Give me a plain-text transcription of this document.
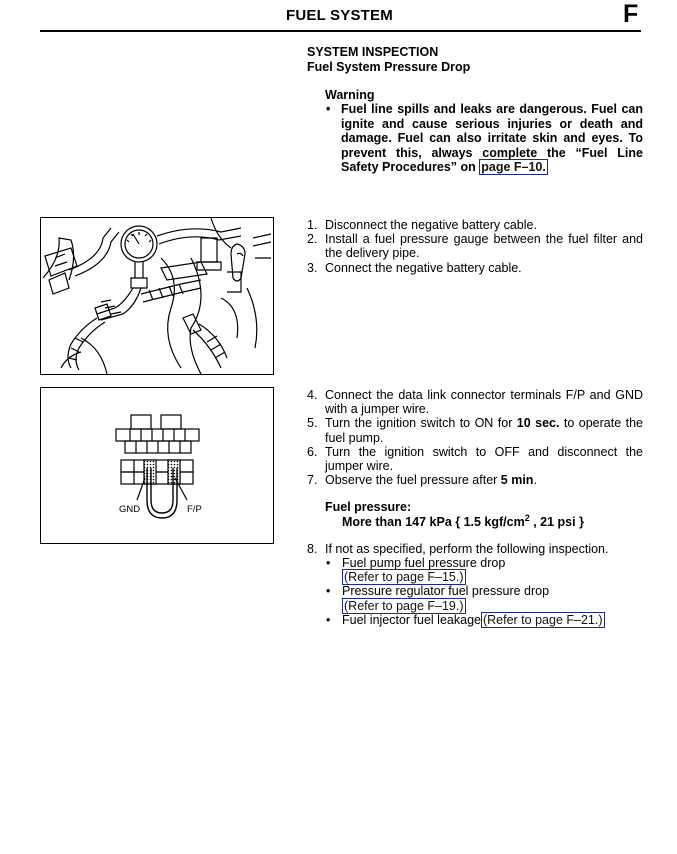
FUEL SYSTEM	F
SYSTEM INSPECTION
Fuel System Pressure Drop
Warning
• Fuel line spills and leaks are dangerous. Fuel can ignite and cause serious injuries or death and damage. Fuel can also irritate skin and eyes. To prevent this, always complete the “Fuel Line Safety Procedures” on page F–10.
1. Disconnect the negative battery cable.
2. Install a fuel pressure gauge between the fuel filter and the delivery pipe.
3. Connect the negative battery cable.
GND	F/P
4. Connect the data link connector terminals F/P and GND with a jumper wire.
5. Turn the ignition switch to ON for 10 sec. to operate the fuel pump.
6. Turn the ignition switch to OFF and disconnect the jumper wire.
7. Observe the fuel pressure after 5 min.
Fuel pressure:
More than 147 kPa { 1.5 kgf/$cm^2$ , 21 psi }
8. If not as specified, perform the following inspection.
• Fuel pump fuel pressure drop
(Refer to page F–15.)
• Pressure regulator fuel pressure drop
(Refer to page F–19.)
• Fuel injector fuel leakage (Refer to page F–21.)
